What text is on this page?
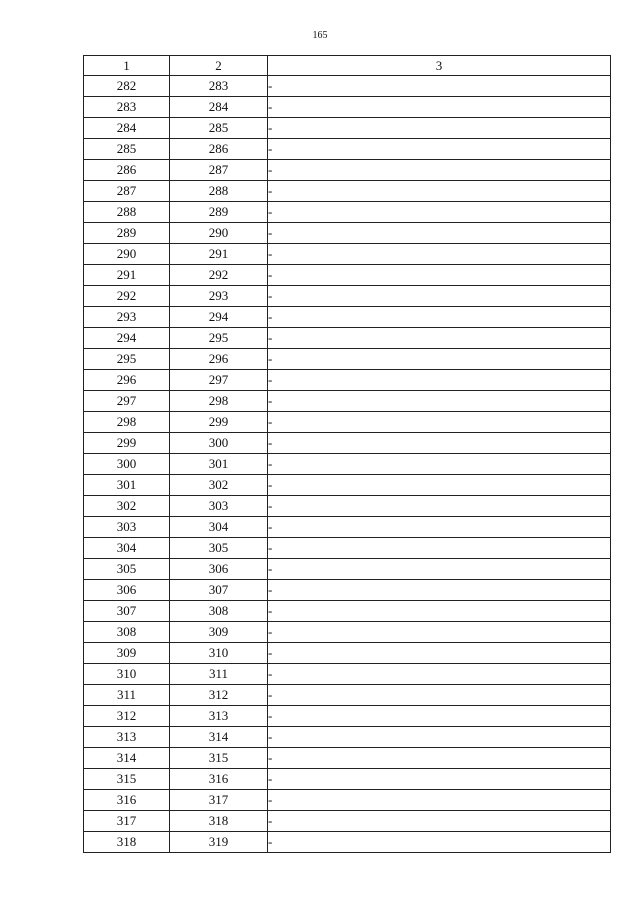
165
1	2	3
282	283	-
283	284	-
284	285	-
285	286	-
286	287	-
287	288	-
288	289	-
289	290	-
290	291	-
291	292	-
292	293	-
293	294	-
294	295	-
295	296	-
296	297	-
297	298	-
298	299	-
299	300	-
300	301	-
301	302	-
302	303	-
303	304	-
304	305	-
305	306	-
306	307	-
307	308	-
308	309	-
309	310	-
310	311	-
311	312	-
312	313	-
313	314	-
314	315	-
315	316	-
316	317	-
317	318	-
318	319	-
